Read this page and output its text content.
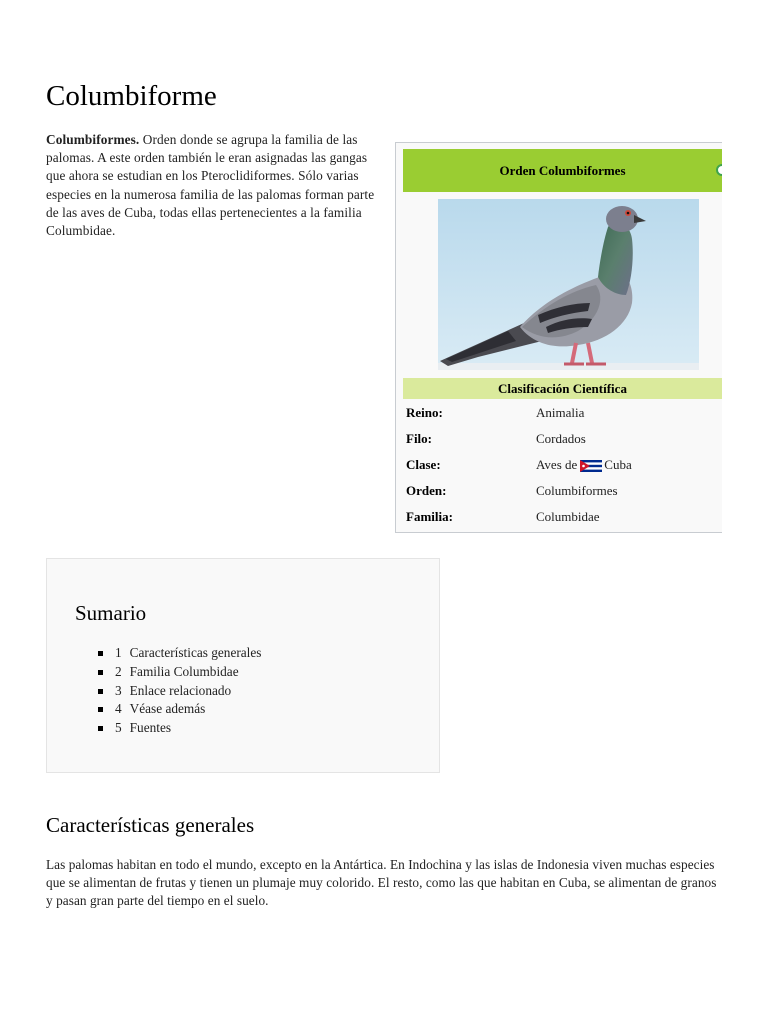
Columbiforme

Columbiformes. Orden donde se agrupa la familia de las palomas. A este orden también le eran asignadas las gangas que ahora se estudian en los Pteroclidiformes. Sólo varias especies en la numerosa familia de las palomas forman parte de las aves de Cuba, todas ellas pertenecientes a la familia Columbidae.

Orden Columbiformes
Clasificación Científica
Reino:	Animalia
Filo:	Cordados
Clase:	Aves de Cuba
Orden:	Columbiformes
Familia:	Columbidae
Sumario
1 Características generales
2 Familia Columbidae
3 Enlace relacionado
4 Véase además
5 Fuentes
Características generales

Las palomas habitan en todo el mundo, excepto en la Antártica. En Indochina y las islas de Indonesia viven muchas especies que se alimentan de frutas y tienen un plumaje muy colorido. El resto, como las que habitan en Cuba, se alimentan de granos y pasan gran parte del tiempo en el suelo.
